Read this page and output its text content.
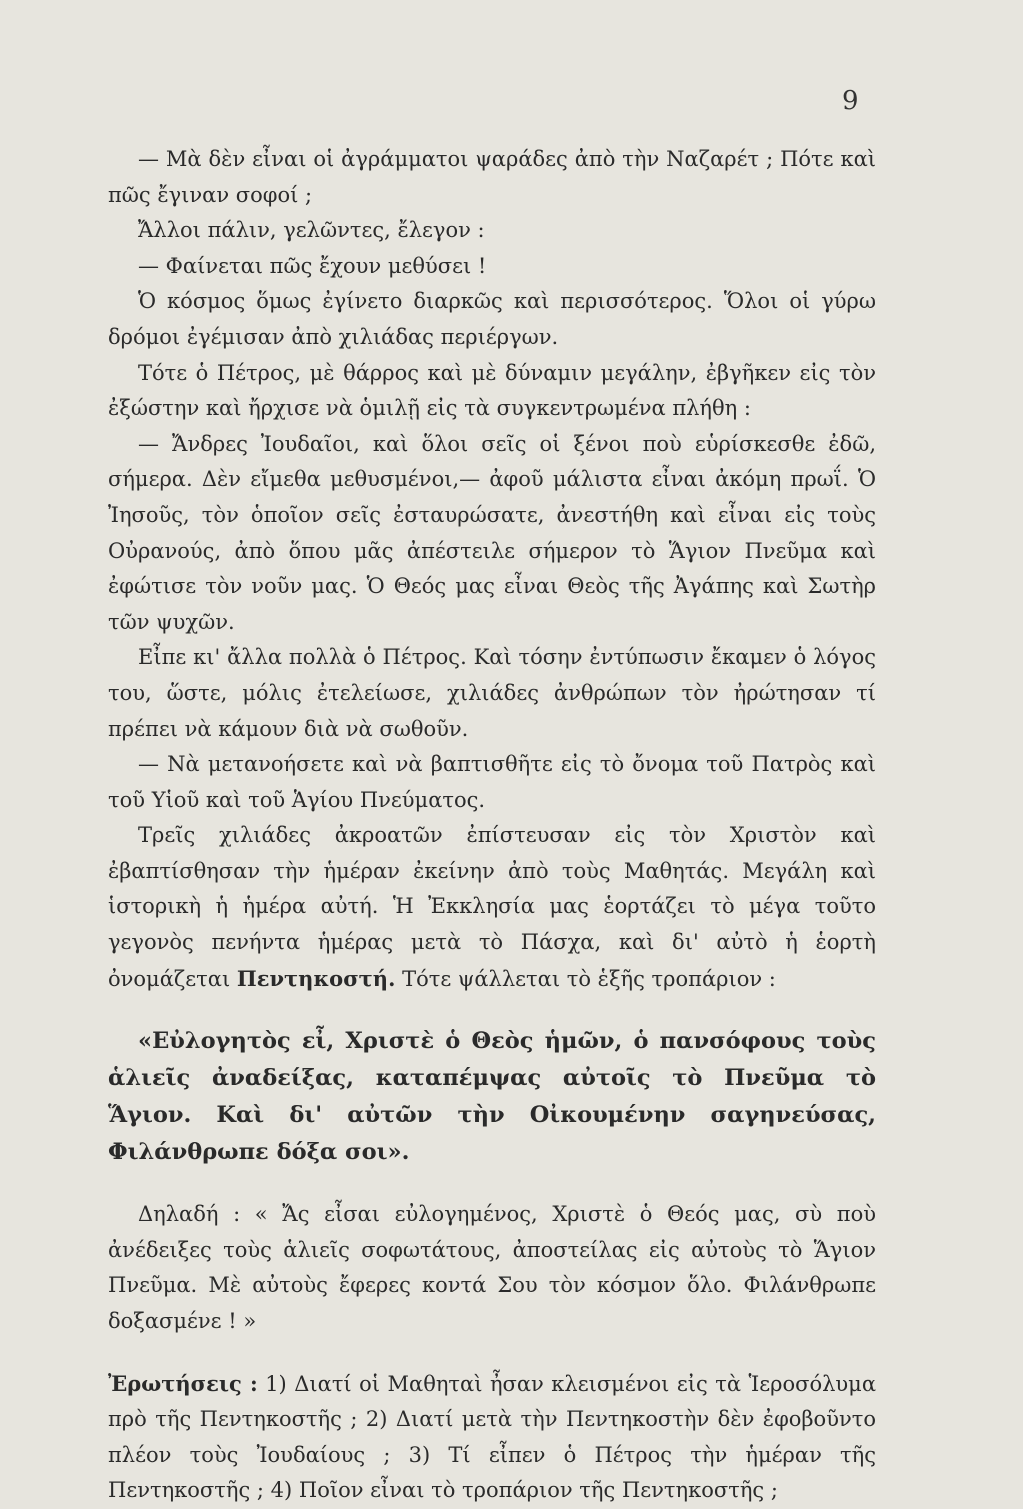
9

— Μὰ δὲν εἶναι οἱ ἀγράμματοι ψαράδες ἀπὸ τὴν Ναζαρέτ ; Πότε καὶ πῶς ἔγιναν σοφοί ;

Ἄλλοι πάλιν, γελῶντες, ἔλεγον :

— Φαίνεται πῶς ἔχουν μεθύσει !

Ὁ κόσμος ὅμως ἐγίνετο διαρκῶς καὶ περισσότερος. Ὅλοι οἱ γύρω δρόμοι ἐγέμισαν ἀπὸ χιλιάδας περιέργων.

Τότε ὁ Πέτρος, μὲ θάρρος καὶ μὲ δύναμιν μεγάλην, ἐβγῆκεν εἰς τὸν ἐξώστην καὶ ἤρχισε νὰ ὁμιλῇ εἰς τὰ συγκεντρωμένα πλήθη :

— Ἄνδρες Ἰουδαῖοι, καὶ ὅλοι σεῖς οἱ ξένοι ποὺ εὑρίσκεσθε ἐδῶ, σήμερα. Δὲν εἴμεθα μεθυσμένοι,— ἀφοῦ μάλιστα εἶναι ἀκόμη πρωΐ. Ὁ Ἰησοῦς, τὸν ὁποῖον σεῖς ἐσταυρώσατε, ἀνεστήθη καὶ εἶναι εἰς τοὺς Οὐρανούς, ἀπὸ ὅπου μᾶς ἀπέστειλε σήμερον τὸ Ἅγιον Πνεῦμα καὶ ἐφώτισε τὸν νοῦν μας. Ὁ Θεός μας εἶναι Θεὸς τῆς Ἀγάπης καὶ Σωτὴρ τῶν ψυχῶν.

Εἶπε κι' ἄλλα πολλὰ ὁ Πέτρος. Καὶ τόσην ἐντύπωσιν ἔκαμεν ὁ λόγος του, ὥστε, μόλις ἐτελείωσε, χιλιάδες ἀνθρώπων τὸν ἠρώτησαν τί πρέπει νὰ κάμουν διὰ νὰ σωθοῦν.

— Νὰ μετανοήσετε καὶ νὰ βαπτισθῆτε εἰς τὸ ὄνομα τοῦ Πατρὸς καὶ τοῦ Υἱοῦ καὶ τοῦ Ἁγίου Πνεύματος.

Τρεῖς χιλιάδες ἀκροατῶν ἐπίστευσαν εἰς τὸν Χριστὸν καὶ ἐβαπτίσθησαν τὴν ἡμέραν ἐκείνην ἀπὸ τοὺς Μαθητάς. Μεγάλη καὶ ἱστορικὴ ἡ ἡμέρα αὐτή. Ἡ Ἐκκλησία μας ἑορτάζει τὸ μέγα τοῦτο γεγονὸς πενήντα ἡμέρας μετὰ τὸ Πάσχα, καὶ δι' αὐτὸ ἡ ἑορτὴ ὀνομάζεται Πεντηκοστή. Τότε ψάλλεται τὸ ἑξῆς τροπάριον :

«Εὐλογητὸς εἶ, Χριστὲ ὁ Θεὸς ἡμῶν, ὁ πανσόφους τοὺς ἁλιεῖς ἀναδείξας, καταπέμψας αὐτοῖς τὸ Πνεῦμα τὸ Ἅγιον. Καὶ δι' αὐτῶν τὴν Οἰκουμένην σαγηνεύσας, Φιλάνθρωπε δόξα σοι».

Δηλαδή : « Ἄς εἶσαι εὐλογημένος, Χριστὲ ὁ Θεός μας, σὺ ποὺ ἀνέδειξες τοὺς ἁλιεῖς σοφωτάτους, ἀποστείλας εἰς αὐτοὺς τὸ Ἅγιον Πνεῦμα. Μὲ αὐτοὺς ἔφερες κοντά Σου τὸν κόσμον ὅλο. Φιλάνθρωπε δοξασμένε ! »

Ἐρωτήσεις : 1) Διατί οἱ Μαθηταὶ ἦσαν κλεισμένοι εἰς τὰ Ἱεροσόλυμα πρὸ τῆς Πεντηκοστῆς ; 2) Διατί μετὰ τὴν Πεντηκοστὴν δὲν ἐφοβοῦντο πλέον τοὺς Ἰουδαίους ; 3) Τί εἶπεν ὁ Πέτρος τὴν ἡμέραν τῆς Πεντηκοστῆς ; 4) Ποῖον εἶναι τὸ τροπάριον τῆς Πεντηκοστῆς ;
